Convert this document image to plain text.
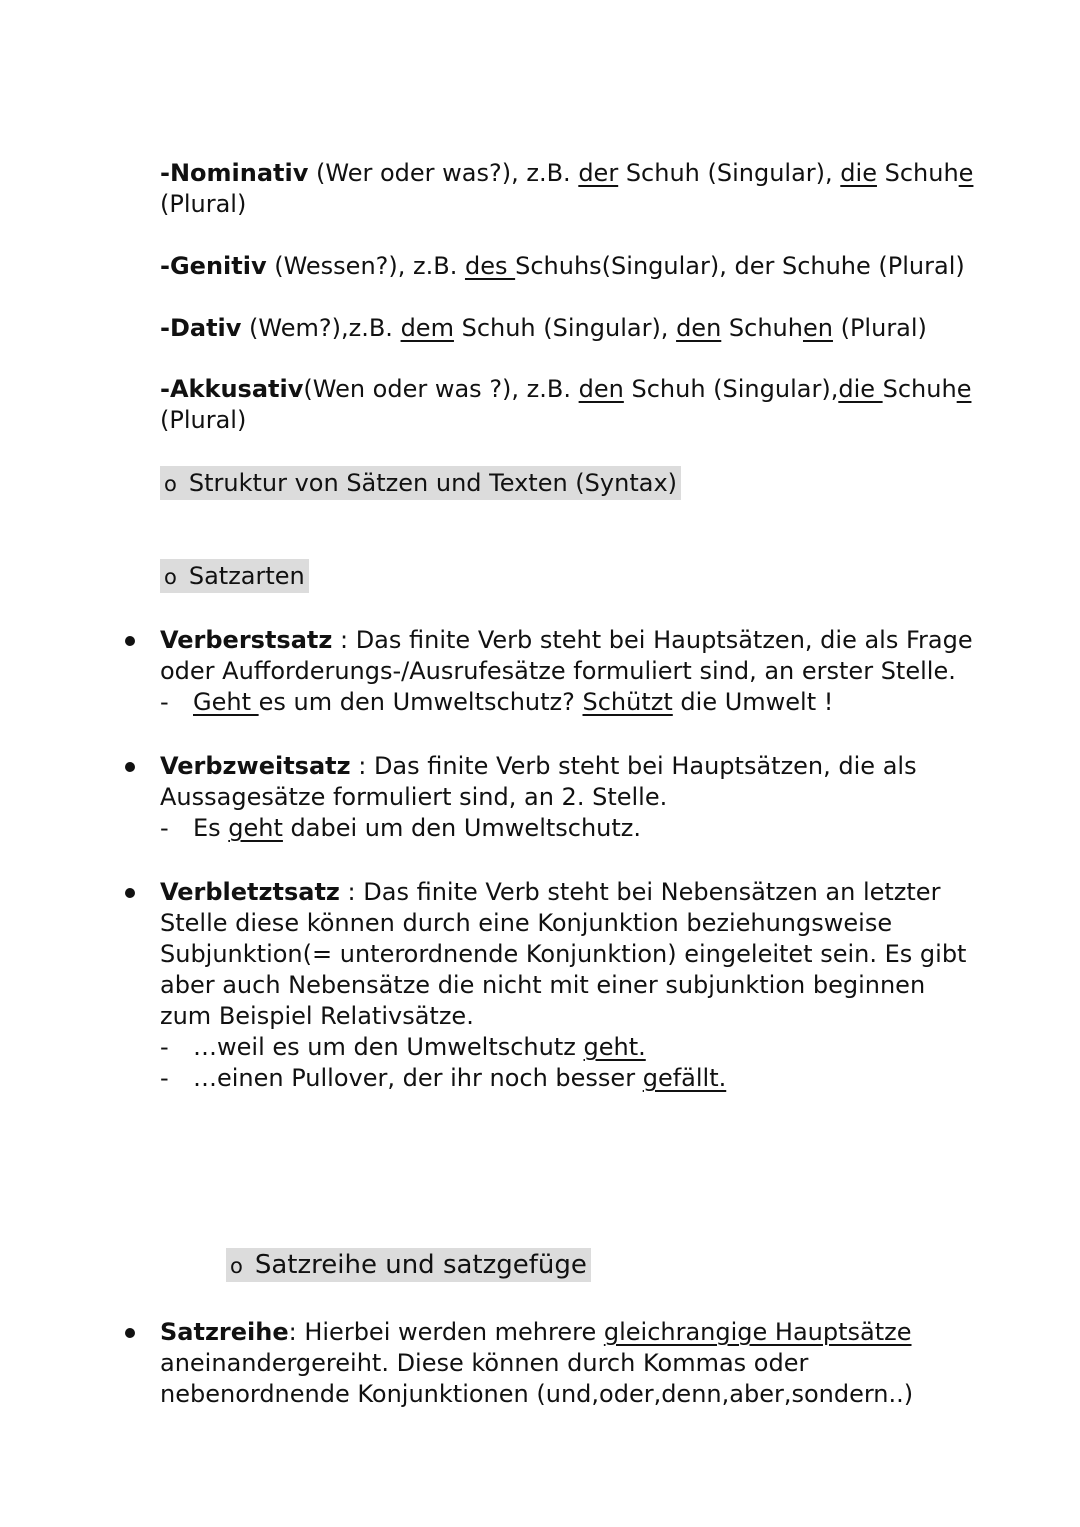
-Nominativ (Wer oder was?), z.B. der Schuh (Singular), die Schuhe
(Plural)
-Genitiv (Wessen?), z.B. des Schuhs(Singular), der Schuhe (Plural)
-Dativ (Wem?),z.B. dem Schuh (Singular), den Schuhen (Plural)
-Akkusativ(Wen oder was ?), z.B. den Schuh (Singular),die Schuhe
(Plural)
o Struktur von Sätzen und Texten (Syntax)
o Satzarten
Verberstsatz : Das finite Verb steht bei Hauptsätzen, die als Frage
oder Aufforderungs-/Ausrufesätze formuliert sind, an erster Stelle.
- Geht es um den Umweltschutz? Schützt die Umwelt !
Verbzweitsatz : Das finite Verb steht bei Hauptsätzen, die als
Aussagesätze formuliert sind, an 2. Stelle.
- Es geht dabei um den Umweltschutz.
Verbletztsatz : Das finite Verb steht bei Nebensätzen an letzter
Stelle diese können durch eine Konjunktion beziehungsweise
Subjunktion(= unterordnende Konjunktion) eingeleitet sein. Es gibt
aber auch Nebensätze die nicht mit einer subjunktion beginnen
zum Beispiel Relativsätze.
- …weil es um den Umweltschutz geht.
- …einen Pullover, der ihr noch besser gefällt.
o Satzreihe und satzgefüge
Satzreihe: Hierbei werden mehrere gleichrangige Hauptsätze
aneinandergereiht. Diese können durch Kommas oder
nebenordnende Konjunktionen (und,oder,denn,aber,sondern..)
